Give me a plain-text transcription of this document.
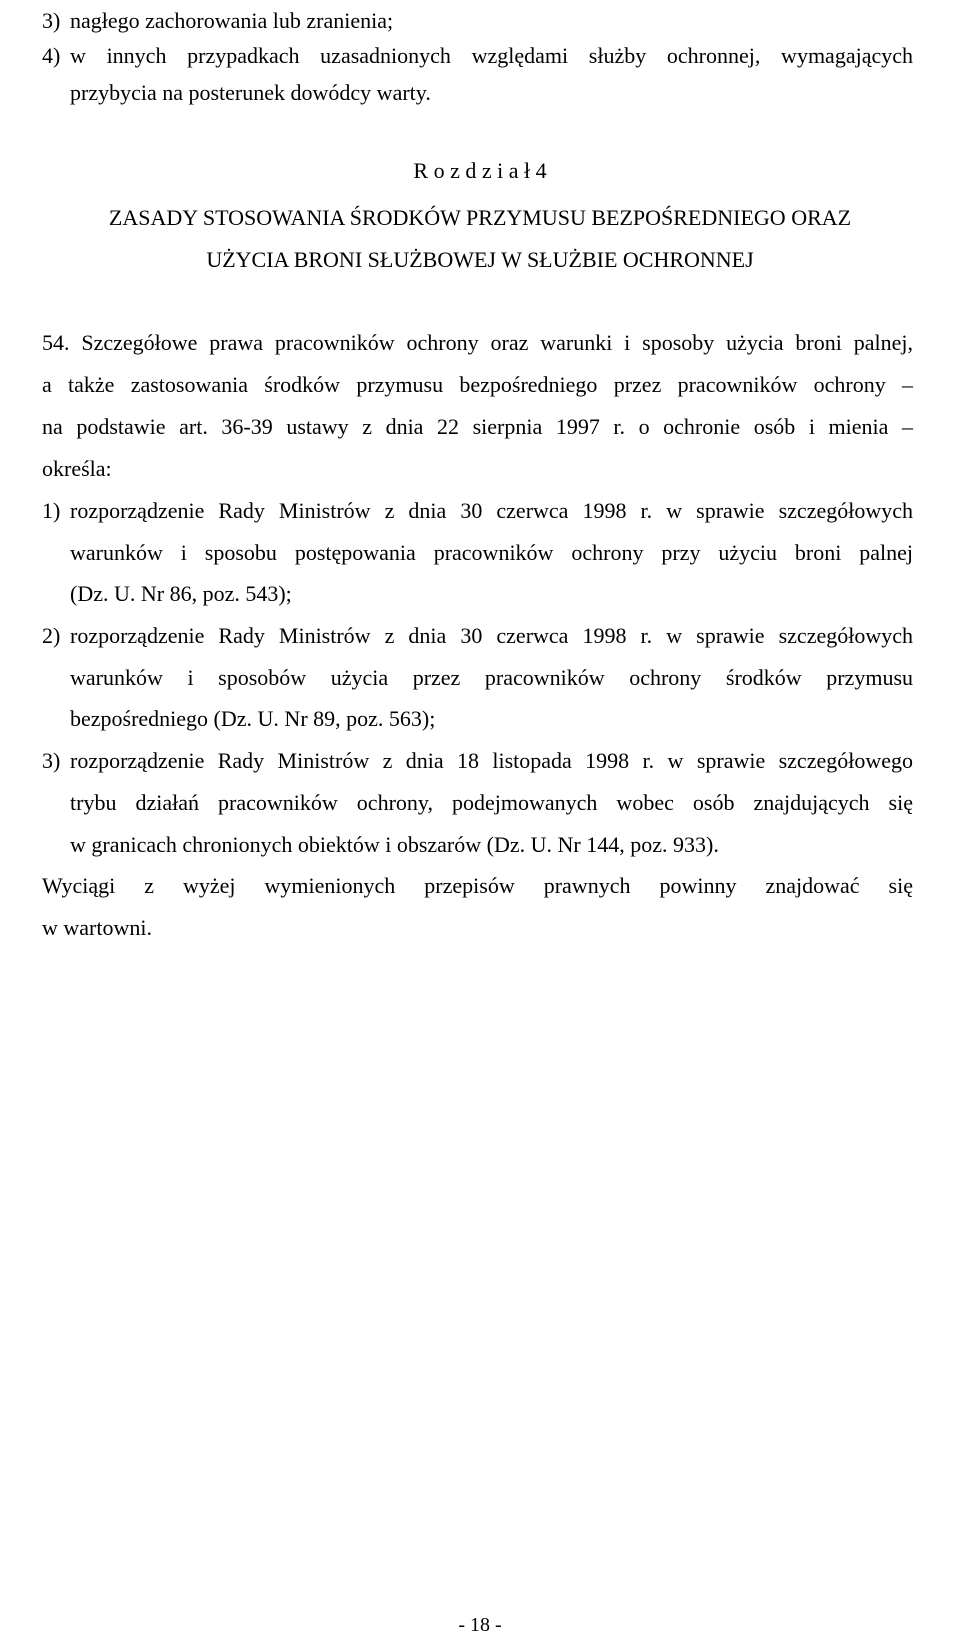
3) nagłego zachorowania lub zranienia;
4) w innych przypadkach uzasadnionych względami służby ochronnej, wymagających
przybycia na posterunek dowódcy warty.
R o z d z i a ł 4
ZASADY STOSOWANIA ŚRODKÓW PRZYMUSU BEZPOŚREDNIEGO ORAZ
UŻYCIA BRONI SŁUŻBOWEJ W SŁUŻBIE OCHRONNEJ
54. Szczegółowe prawa pracowników ochrony oraz warunki i sposoby użycia broni palnej,
a także zastosowania środków przymusu bezpośredniego przez pracowników ochrony –
na podstawie art. 36-39 ustawy z dnia 22 sierpnia 1997 r. o ochronie osób i mienia –
określa:
1) rozporządzenie Rady Ministrów z dnia 30 czerwca 1998 r. w sprawie szczegółowych
warunków i sposobu postępowania pracowników ochrony przy użyciu broni palnej
(Dz. U. Nr 86, poz. 543);
2) rozporządzenie Rady Ministrów z dnia 30 czerwca 1998 r. w sprawie szczegółowych
warunków i sposobów użycia przez pracowników ochrony środków przymusu
bezpośredniego (Dz. U. Nr 89, poz. 563);
3) rozporządzenie Rady Ministrów z dnia 18 listopada 1998 r. w sprawie szczegółowego
trybu działań pracowników ochrony, podejmowanych wobec osób znajdujących się
w granicach chronionych obiektów i obszarów (Dz. U. Nr 144, poz. 933).
Wyciągi z wyżej wymienionych przepisów prawnych powinny znajdować się
w wartowni.
- 18 -
